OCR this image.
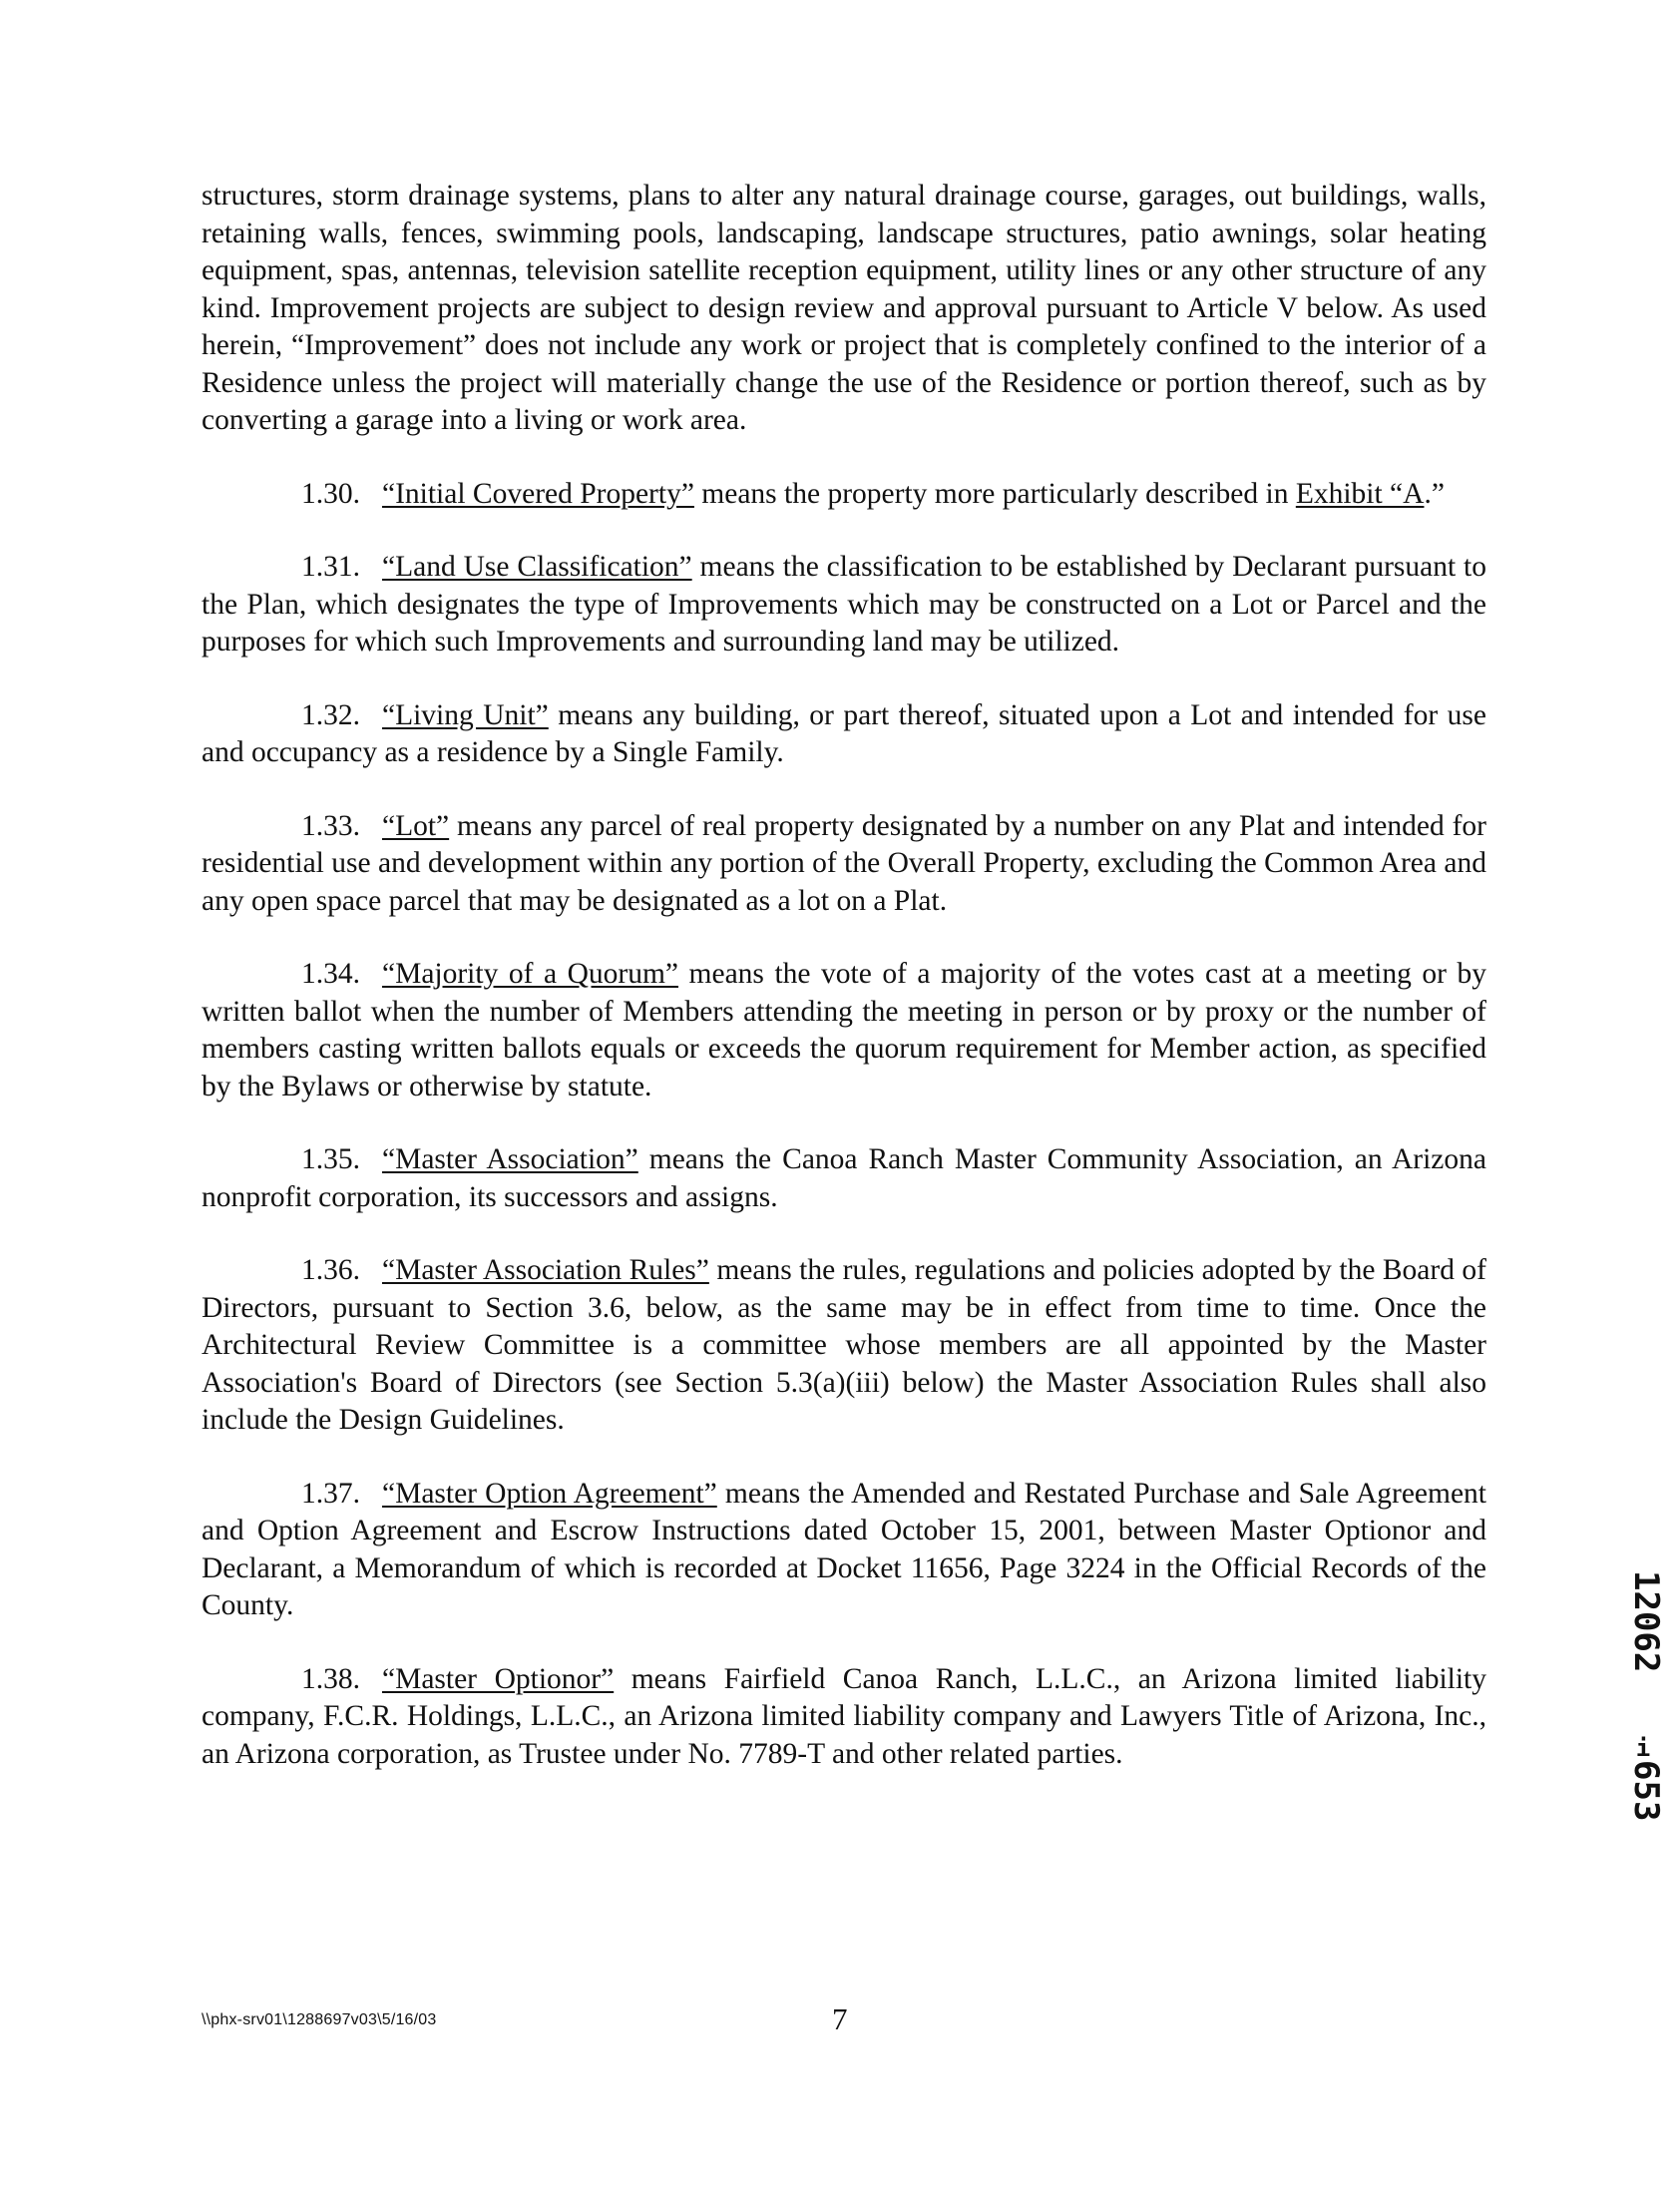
structures, storm drainage systems, plans to alter any natural drainage course, garages, out buildings, walls, retaining walls, fences, swimming pools, landscaping, landscape structures, patio awnings, solar heating equipment, spas, antennas, television satellite reception equipment, utility lines or any other structure of any kind. Improvement projects are subject to design review and approval pursuant to Article V below. As used herein, “Improvement” does not include any work or project that is completely confined to the interior of a Residence unless the project will materially change the use of the Residence or portion thereof, such as by converting a garage into a living or work area.

1.30. “Initial Covered Property” means the property more particularly described in Exhibit “A.”

1.31. “Land Use Classification” means the classification to be established by Declarant pursuant to the Plan, which designates the type of Improvements which may be constructed on a Lot or Parcel and the purposes for which such Improvements and surrounding land may be utilized.

1.32. “Living Unit” means any building, or part thereof, situated upon a Lot and intended for use and occupancy as a residence by a Single Family.

1.33. “Lot” means any parcel of real property designated by a number on any Plat and intended for residential use and development within any portion of the Overall Property, excluding the Common Area and any open space parcel that may be designated as a lot on a Plat.

1.34. “Majority of a Quorum” means the vote of a majority of the votes cast at a meeting or by written ballot when the number of Members attending the meeting in person or by proxy or the number of members casting written ballots equals or exceeds the quorum requirement for Member action, as specified by the Bylaws or otherwise by statute.

1.35. “Master Association” means the Canoa Ranch Master Community Association, an Arizona nonprofit corporation, its successors and assigns.

1.36. “Master Association Rules” means the rules, regulations and policies adopted by the Board of Directors, pursuant to Section 3.6, below, as the same may be in effect from time to time. Once the Architectural Review Committee is a committee whose members are all appointed by the Master Association's Board of Directors (see Section 5.3(a)(iii) below) the Master Association Rules shall also include the Design Guidelines.

1.37. “Master Option Agreement” means the Amended and Restated Purchase and Sale Agreement and Option Agreement and Escrow Instructions dated October 15, 2001, between Master Optionor and Declarant, a Memorandum of which is recorded at Docket 11656, Page 3224 in the Official Records of the County.

1.38. “Master Optionor” means Fairfield Canoa Ranch, L.L.C., an Arizona limited liability company, F.C.R. Holdings, L.L.C., an Arizona limited liability company and Lawyers Title of Arizona, Inc., an Arizona corporation, as Trustee under No. 7789-T and other related parties.

\\phx-srv01\1288697v03\5/16/03	7
12062
i
653
